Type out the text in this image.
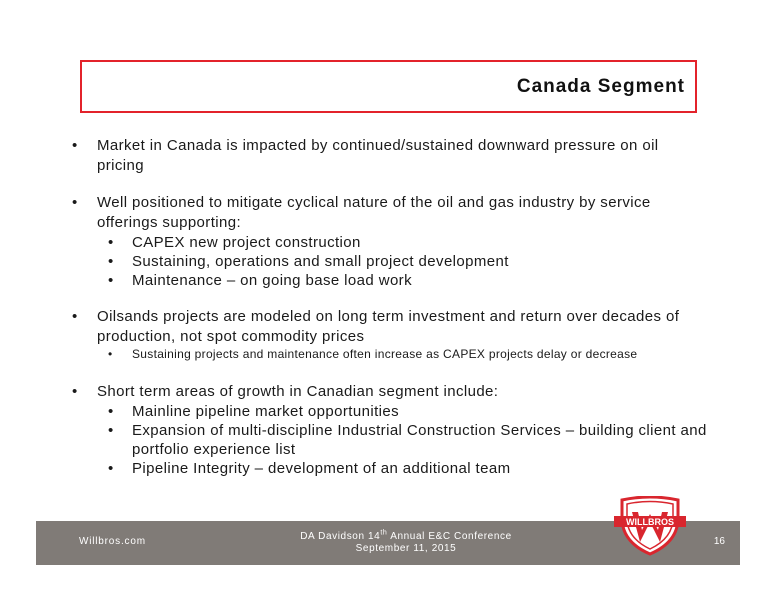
Canada Segment

• Market in Canada is impacted by continued/sustained downward pressure on oil pricing

• Well positioned to mitigate cyclical nature of the oil and gas industry by service offerings supporting:

• CAPEX new project construction

• Sustaining, operations and small project development

• Maintenance – on going base load work

• Oilsands projects are modeled on long term investment and return over decades of production, not spot commodity prices

• Sustaining projects and maintenance often increase as CAPEX projects delay or decrease

• Short term areas of growth in Canadian segment include:

• Mainline pipeline market opportunities

• Expansion of multi-discipline Industrial Construction Services – building client and portfolio experience list

• Pipeline Integrity – development of an additional team

Willbros.com	DA Davidson 14th Annual E&C Conference
September 11, 2015
16
WILLBROS
